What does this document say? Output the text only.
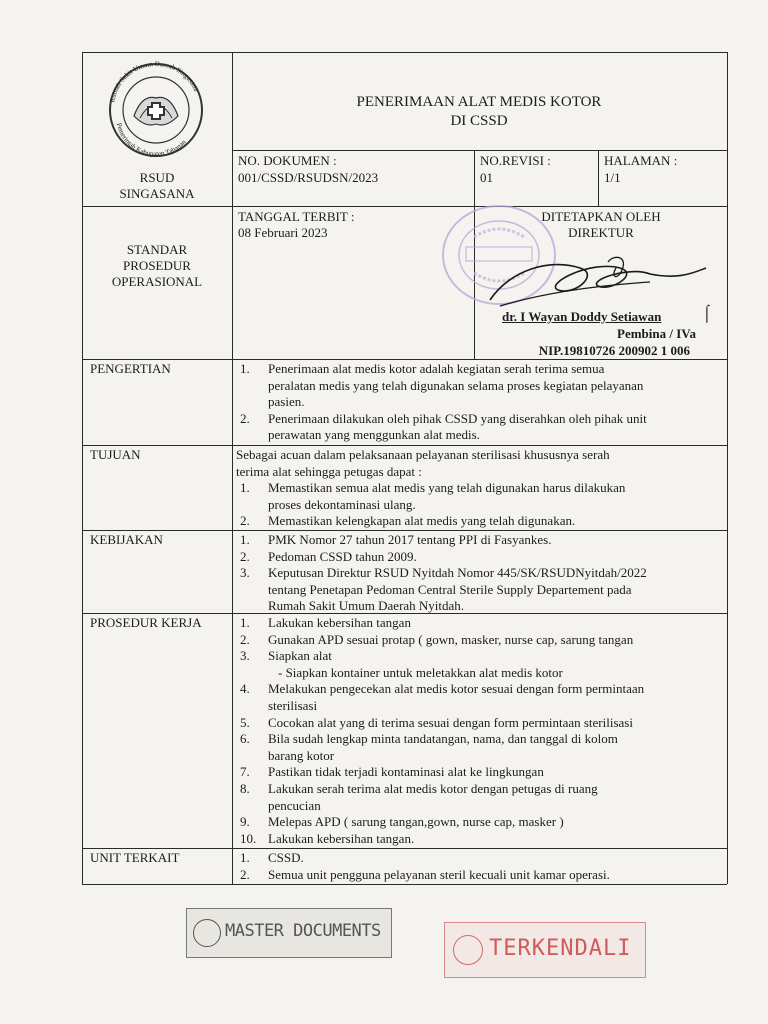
Rumah Sakit Umum Daerah Singasana
Pemerintah Kabupaten Tabanan
RSUD
SINGASANA
PENERIMAAN ALAT MEDIS KOTOR
DI CSSD
NO. DOKUMEN :
001/CSSD/RSUDSN/2023
NO.REVISI :
01
HALAMAN :
1/1
STANDAR
PROSEDUR
OPERASIONAL
TANGGAL TERBIT :
08 Februari 2023
DITETAPKAN OLEH
DIREKTUR
dr. I Wayan Doddy Setiawan	⌠
Pembina / IVa
NIP.19810726 200902 1 006
PENGERTIAN	1.	Penerimaan alat medis kotor adalah kegiatan serah terima semua
peralatan medis yang telah digunakan selama proses kegiatan pelayanan
pasien.
2.	Penerimaan dilakukan oleh pihak CSSD yang diserahkan oleh pihak unit
perawatan yang menggunkan alat medis.
TUJUAN	Sebagai acuan dalam pelaksanaan pelayanan sterilisasi khususnya serah
terima alat sehingga petugas dapat :
1.	Memastikan semua alat medis yang telah digunakan harus dilakukan
proses dekontaminasi ulang.
2.	Memastikan kelengkapan alat medis yang telah digunakan.
KEBIJAKAN	1.	PMK Nomor 27 tahun 2017 tentang PPI di Fasyankes.
2.	Pedoman CSSD tahun 2009.
3.	Keputusan Direktur RSUD Nyitdah Nomor 445/SK/RSUDNyitdah/2022
tentang Penetapan Pedoman Central Sterile Supply Departement pada
Rumah Sakit Umum Daerah Nyitdah.
PROSEDUR KERJA	1.	Lakukan kebersihan tangan
2.	Gunakan APD sesuai protap ( gown, masker, nurse cap, sarung tangan
3.	Siapkan alat
- Siapkan kontainer untuk meletakkan alat medis kotor
4.	Melakukan pengecekan alat medis kotor sesuai dengan form permintaan
sterilisasi
5.	Cocokan alat yang di terima sesuai dengan form permintaan sterilisasi
6.	Bila sudah lengkap minta tandatangan, nama, dan tanggal di kolom
barang kotor
7.	Pastikan tidak terjadi kontaminasi alat ke lingkungan
8.	Lakukan serah terima alat medis kotor dengan petugas di ruang
pencucian
9.	Melepas APD ( sarung tangan,gown, nurse cap, masker )
10. Lakukan kebersihan tangan.
UNIT TERKAIT	1.	CSSD.
2.	Semua unit pengguna pelayanan steril kecuali unit kamar operasi.
MASTER DOCUMENTS
TERKENDALI
